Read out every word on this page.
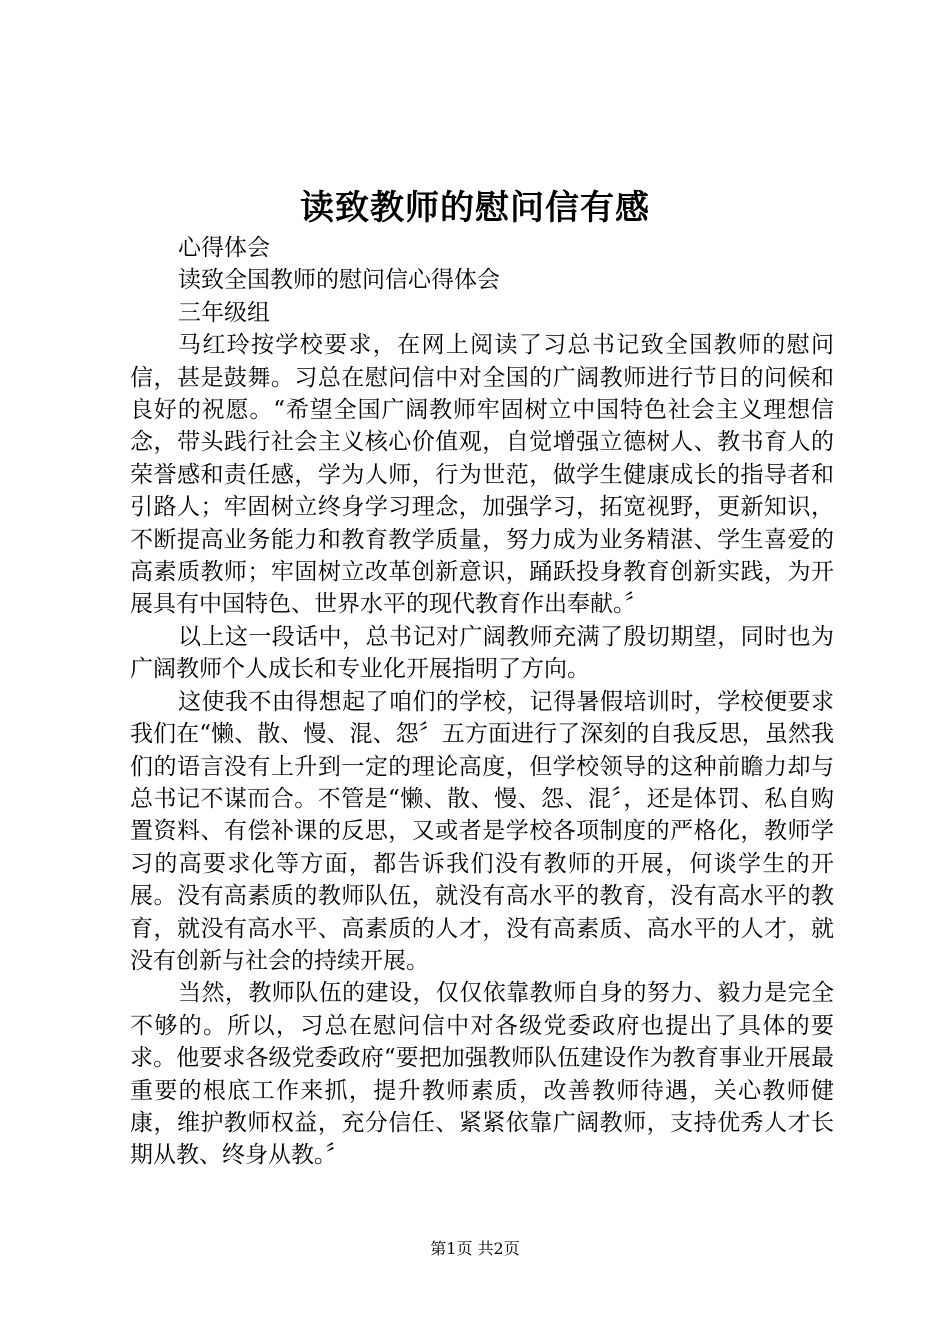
读致教师的慰问信有感

心得体会

读致全国教师的慰问信心得体会

三年级组

马红玲按学校要求，在网上阅读了习总书记致全国教师的慰问信，甚是鼓舞。习总在慰问信中对全国的广阔教师进行节日的问候和良好的祝愿。“希望全国广阔教师牢固树立中国特色社会主义理想信念，带头践行社会主义核心价值观，自觉增强立德树人、教书育人的荣誉感和责任感，学为人师，行为世范，做学生健康成长的指导者和引路人；牢固树立终身学习理念，加强学习，拓宽视野，更新知识，不断提高业务能力和教育教学质量，努力成为业务精湛、学生喜爱的高素质教师；牢固树立改革创新意识，踊跃投身教育创新实践，为开展具有中国特色、世界水平的现代教育作出奉献。〞

以上这一段话中，总书记对广阔教师充满了殷切期望，同时也为广阔教师个人成长和专业化开展指明了方向。

这使我不由得想起了咱们的学校，记得暑假培训时，学校便要求我们在“懒、散、慢、混、怨〞五方面进行了深刻的自我反思，虽然我们的语言没有上升到一定的理论高度，但学校领导的这种前瞻力却与总书记不谋而合。不管是“懒、散、慢、怨、混〞，还是体罚、私自购置资料、有偿补课的反思，又或者是学校各项制度的严格化，教师学习的高要求化等方面，都告诉我们没有教师的开展，何谈学生的开展。没有高素质的教师队伍，就没有高水平的教育，没有高水平的教育，就没有高水平、高素质的人才，没有高素质、高水平的人才，就没有创新与社会的持续开展。

当然，教师队伍的建设，仅仅依靠教师自身的努力、毅力是完全不够的。所以，习总在慰问信中对各级党委政府也提出了具体的要求。他要求各级党委政府“要把加强教师队伍建设作为教育事业开展最重要的根底工作来抓，提升教师素质，改善教师待遇，关心教师健康，维护教师权益，充分信任、紧紧依靠广阔教师，支持优秀人才长期从教、终身从教。〞

第1页 共2页
